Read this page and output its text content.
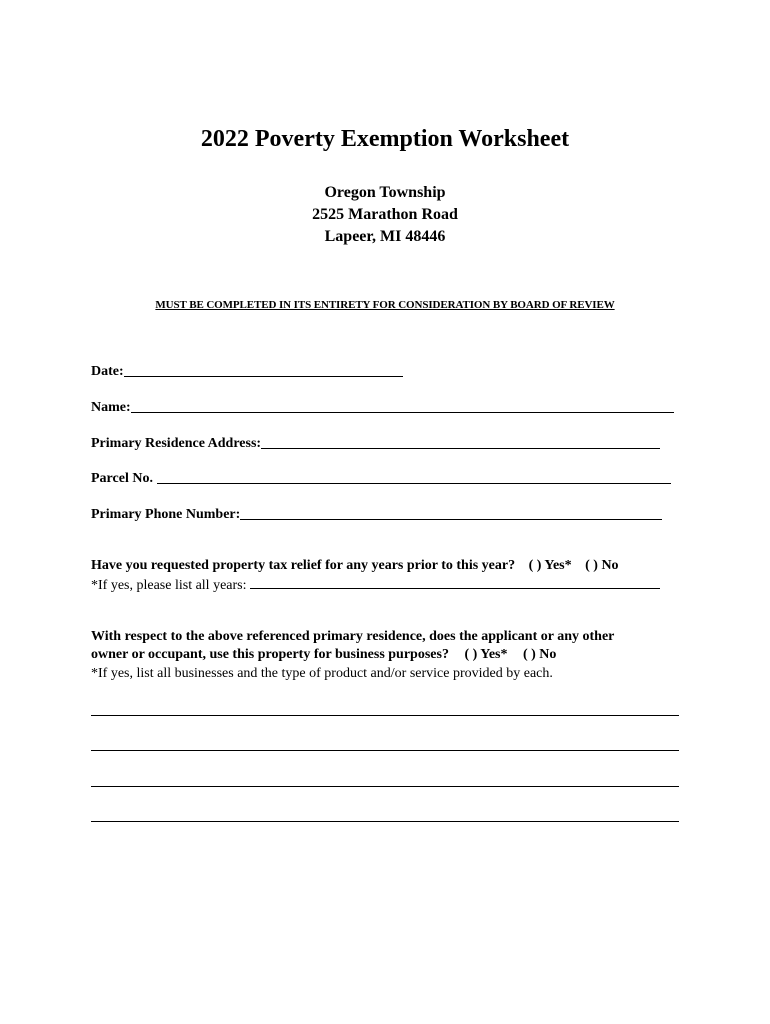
2022 Poverty Exemption Worksheet
Oregon Township
2525 Marathon Road
Lapeer, MI 48446
MUST BE COMPLETED IN ITS ENTIRETY FOR CONSIDERATION BY BOARD OF REVIEW
Date:
Name:
Primary Residence Address:
Parcel No.
Primary Phone Number:
Have you requested property tax relief for any years prior to this year? ( ) Yes* ( ) No
*If yes, please list all years:
With respect to the above referenced primary residence, does the applicant or any other
owner or occupant, use this property for business purposes? ( ) Yes* ( ) No
*If yes, list all businesses and the type of product and/or service provided by each.
